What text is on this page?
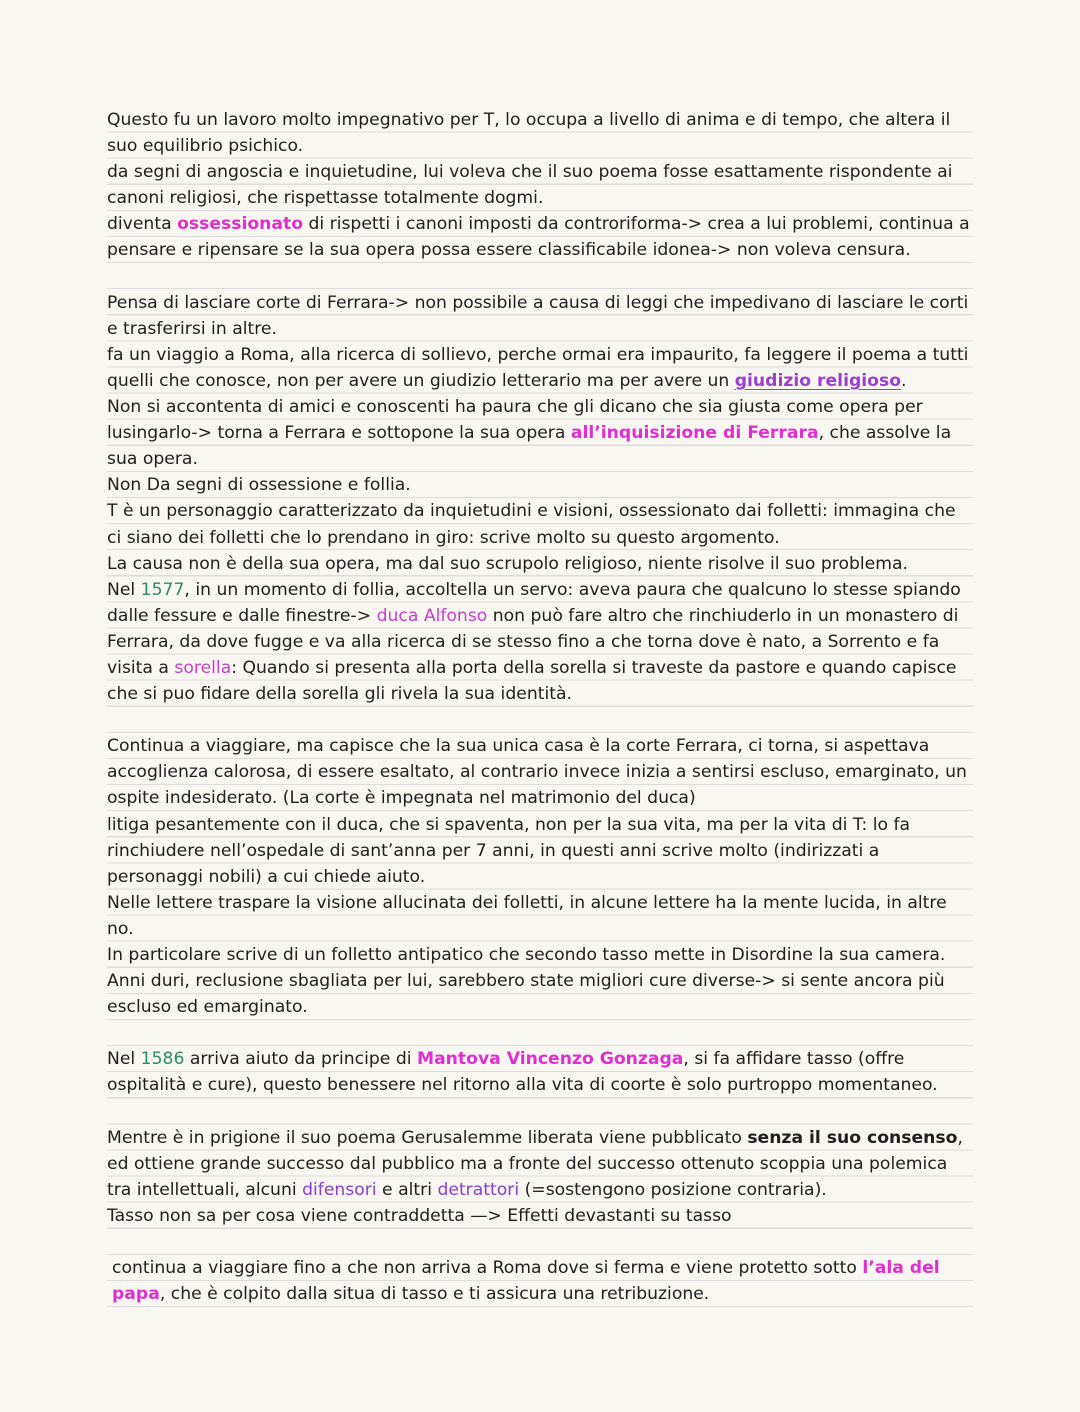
Questo fu un lavoro molto impegnativo per T, lo occupa a livello di anima e di tempo, che altera il suo equilibrio psichico.
da segni di angoscia e inquietudine, lui voleva che il suo poema fosse esattamente rispondente ai canoni religiosi, che rispettasse totalmente dogmi.
diventa ossessionato di rispetti i canoni imposti da controriforma-> crea a lui problemi, continua a pensare e ripensare se la sua opera possa essere classificabile idonea-> non voleva censura.
Pensa di lasciare corte di Ferrara-> non possibile a causa di leggi che impedivano di lasciare le corti e trasferirsi in altre.
fa un viaggio a Roma, alla ricerca di sollievo, perche ormai era impaurito, fa leggere il poema a tutti quelli che conosce, non per avere un giudizio letterario ma per avere un giudizio religioso.
Non si accontenta di amici e conoscenti ha paura che gli dicano che sia giusta come opera per lusingarlo-> torna a Ferrara e sottopone la sua opera all’inquisizione di Ferrara, che assolve la sua opera.
Non Da segni di ossessione e follia.
T è un personaggio caratterizzato da inquietudini e visioni, ossessionato dai folletti: immagina che ci siano dei folletti che lo prendano in giro: scrive molto su questo argomento.
La causa non è della sua opera, ma dal suo scrupolo religioso, niente risolve il suo problema.
Nel 1577, in un momento di follia, accoltella un servo: aveva paura che qualcuno lo stesse spiando dalle fessure e dalle finestre-> duca Alfonso non può fare altro che rinchiuderlo in un monastero di Ferrara, da dove fugge e va alla ricerca di se stesso fino a che torna dove è nato, a Sorrento e fa visita a sorella: Quando si presenta alla porta della sorella si traveste da pastore e quando capisce che si puo fidare della sorella gli rivela la sua identità.
Continua a viaggiare, ma capisce che la sua unica casa è la corte Ferrara, ci torna, si aspettava accoglienza calorosa, di essere esaltato, al contrario invece inizia a sentirsi escluso, emarginato, un ospite indesiderato. (La corte è impegnata nel matrimonio del duca)
litiga pesantemente con il duca, che si spaventa, non per la sua vita, ma per la vita di T: lo fa rinchiudere nell’ospedale di sant’anna per 7 anni, in questi anni scrive molto (indirizzati a personaggi nobili) a cui chiede aiuto.
Nelle lettere traspare la visione allucinata dei folletti, in alcune lettere ha la mente lucida, in altre no.
In particolare scrive di un folletto antipatico che secondo tasso mette in Disordine la sua camera.
Anni duri, reclusione sbagliata per lui, sarebbero state migliori cure diverse-> si sente ancora più escluso ed emarginato.
Nel 1586 arriva aiuto da principe di Mantova Vincenzo Gonzaga, si fa affidare tasso (offre ospitalità e cure), questo benessere nel ritorno alla vita di coorte è solo purtroppo momentaneo.
Mentre è in prigione il suo poema Gerusalemme liberata viene pubblicato senza il suo consenso, ed ottiene grande successo dal pubblico ma a fronte del successo ottenuto scoppia una polemica tra intellettuali, alcuni difensori e altri detrattori (=sostengono posizione contraria).
Tasso non sa per cosa viene contraddetta —> Effetti devastanti su tasso
continua a viaggiare fino a che non arriva a Roma dove si ferma e viene protetto sotto l’ala del papa, che è colpito dalla situa di tasso e ti assicura una retribuzione.
